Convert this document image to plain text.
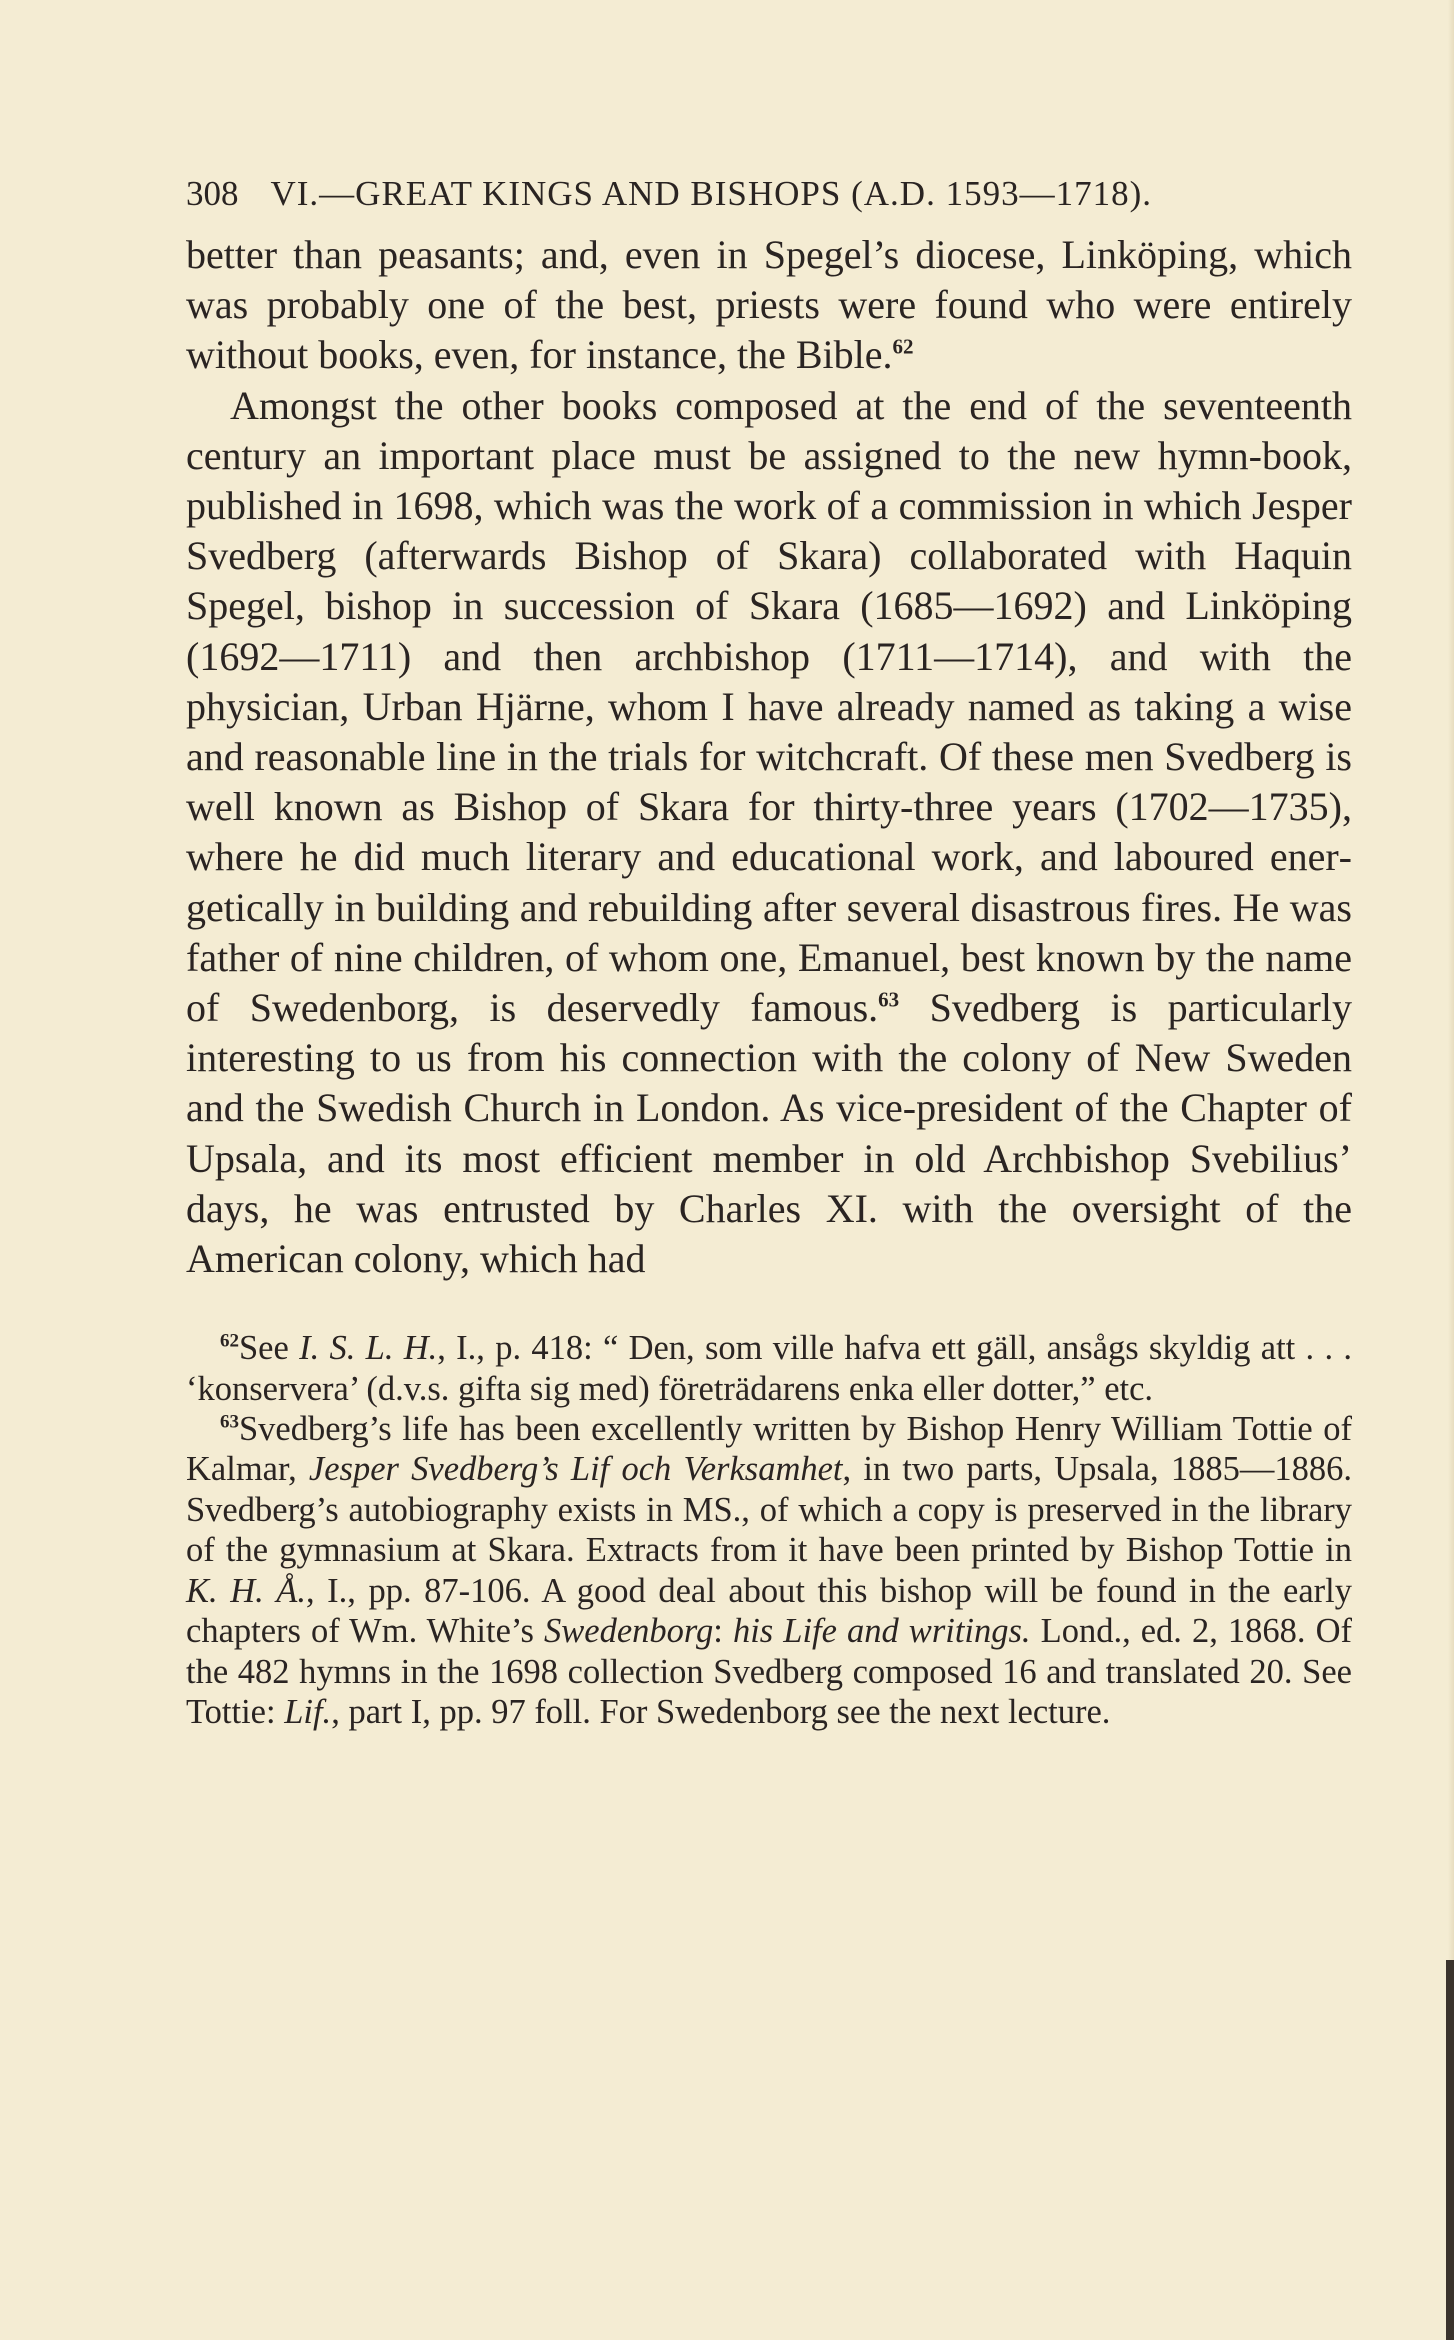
308 VI.—GREAT KINGS AND BISHOPS (A.D. 1593—1718).

better than peasants; and, even in Spegel’s diocese, Linköping, which was probably one of the best, priests were found who were entirely without books, even, for instance, the Bible.$^{62}$

Amongst the other books composed at the end of the seventeenth century an important place must be assigned to the new hymn-book, published in 1698, which was the work of a commission in which Jesper Svedberg (afterwards Bishop of Skara) collaborated with Haquin Spegel, bishop in succession of Skara (1685—1692) and Linköping (1692—1711) and then archbishop (1711—1714), and with the physician, Urban Hjärne, whom I have already named as taking a wise and reasonable line in the trials for witchcraft. Of these men Svedberg is well known as Bishop of Skara for thirty-three years (1702—1735), where he did much literary and educational work, and laboured energetically in building and rebuilding after several disastrous fires. He was father of nine children, of whom one, Emanuel, best known by the name of Swedenborg, is deservedly famous.$^{63}$ Svedberg is particularly interesting to us from his connection with the colony of New Sweden and the Swedish Church in London. As vice-president of the Chapter of Upsala, and its most efficient member in old Archbishop Svebilius’ days, he was entrusted by Charles XI. with the oversight of the American colony, which had

$^{62}$See I. S. L. H., I., p. 418: “ Den, som ville hafva ett gäll, ansågs skyldig att . . . ‘konservera’ (d.v.s. gifta sig med) företrädarens enka eller dotter,” etc.

$^{63}$Svedberg’s life has been excellently written by Bishop Henry William Tottie of Kalmar, Jesper Svedberg’s Lif och Verksamhet, in two parts, Upsala, 1885—1886. Svedberg’s autobiography exists in MS., of which a copy is preserved in the library of the gymnasium at Skara. Extracts from it have been printed by Bishop Tottie in K. H. Å., I., pp. 87-106. A good deal about this bishop will be found in the early chapters of Wm. White’s Swedenborg: his Life and writings. Lond., ed. 2, 1868. Of the 482 hymns in the 1698 collection Svedberg composed 16 and translated 20. See Tottie: Lif., part I, pp. 97 foll. For Swedenborg see the next lecture.
